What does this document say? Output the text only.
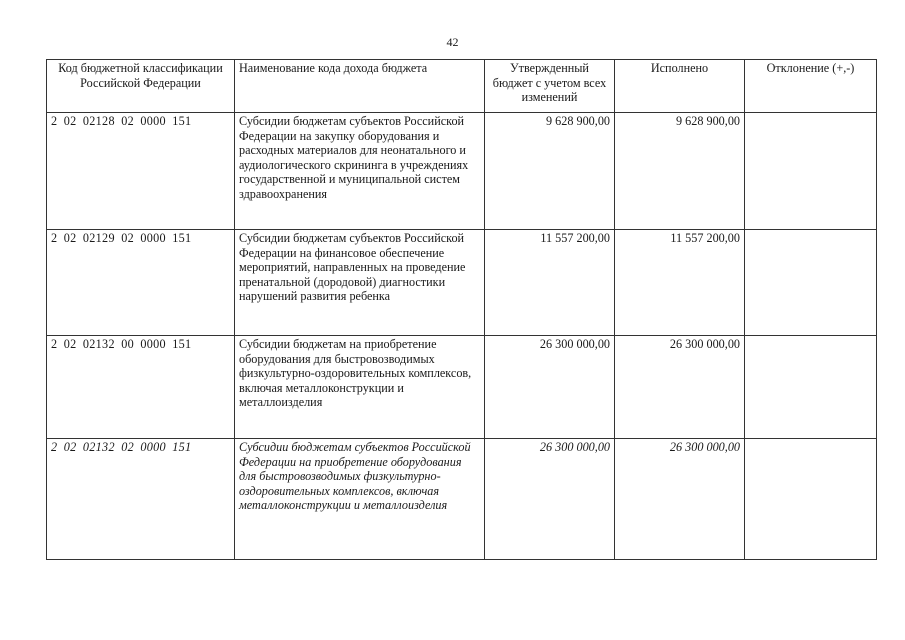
42
Код бюджетной классификации Российской Федерации	Наименование кода дохода бюджета	Утвержденный бюджет с учетом всех изменений	Исполнено	Отклонение (+,-)
2 02 02128 02 0000 151	Субсидии бюджетам субъектов Российской Федерации на закупку оборудования и расходных материалов для неонатального и аудиологического скрининга в учреждениях государственной и муниципальной систем здравоохранения	9 628 900,00	9 628 900,00	
2 02 02129 02 0000 151	Субсидии бюджетам субъектов Российской Федерации на финансовое обеспечение мероприятий, направленных на проведение пренатальной (дородовой) диагностики нарушений развития ребенка	11 557 200,00	11 557 200,00	
2 02 02132 00 0000 151	Субсидии бюджетам на приобретение оборудования для быстровозводимых физкультурно-оздоровительных комплексов, включая металлоконструкции и металлоизделия	26 300 000,00	26 300 000,00	
2 02 02132 02 0000 151	Субсидии бюджетам субъектов Российской Федерации на приобретение оборудования для быстровозводимых физкультурно-оздоровительных комплексов, включая металлоконструкции и металлоизделия	26 300 000,00	26 300 000,00	
